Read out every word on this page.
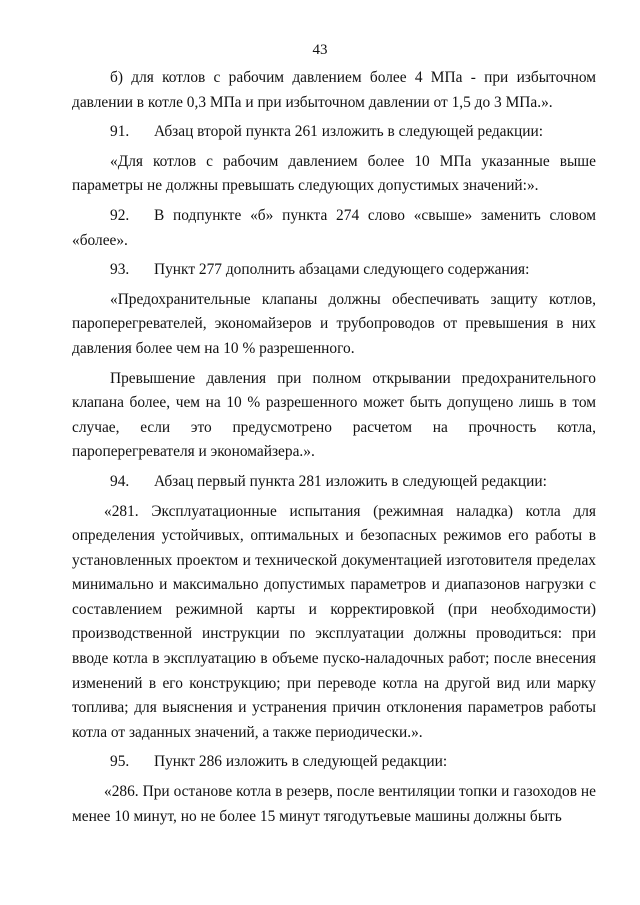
43

б) для котлов с рабочим давлением более 4 МПа - при избыточном давлении в котле 0,3 МПа и при избыточном давлении от 1,5 до 3 МПа.».

91. Абзац второй пункта 261 изложить в следующей редакции:

«Для котлов с рабочим давлением более 10 МПа указанные выше параметры не должны превышать следующих допустимых значений:».

92. В подпункте «б» пункта 274 слово «свыше» заменить словом «более».

93. Пункт 277 дополнить абзацами следующего содержания:

«Предохранительные клапаны должны обеспечивать защиту котлов, пароперегревателей, экономайзеров и трубопроводов от превышения в них давления более чем на 10 % разрешенного.

Превышение давления при полном открывании предохранительного клапана более, чем на 10 % разрешенного может быть допущено лишь в том случае, если это предусмотрено расчетом на прочность котла, пароперегревателя и экономайзера.».

94. Абзац первый пункта 281 изложить в следующей редакции:

«281. Эксплуатационные испытания (режимная наладка) котла для определения устойчивых, оптимальных и безопасных режимов его работы в установленных проектом и технической документацией изготовителя пределах минимально и максимально допустимых параметров и диапазонов нагрузки с составлением режимной карты и корректировкой (при необходимости) производственной инструкции по эксплуатации должны проводиться: при вводе котла в эксплуатацию в объеме пуско-наладочных работ; после внесения изменений в его конструкцию; при переводе котла на другой вид или марку топлива; для выяснения и устранения причин отклонения параметров работы котла от заданных значений, а также периодически.».

95. Пункт 286 изложить в следующей редакции:

«286. При останове котла в резерв, после вентиляции топки и газоходов не менее 10 минут, но не более 15 минут тягодутьевые машины должны быть
